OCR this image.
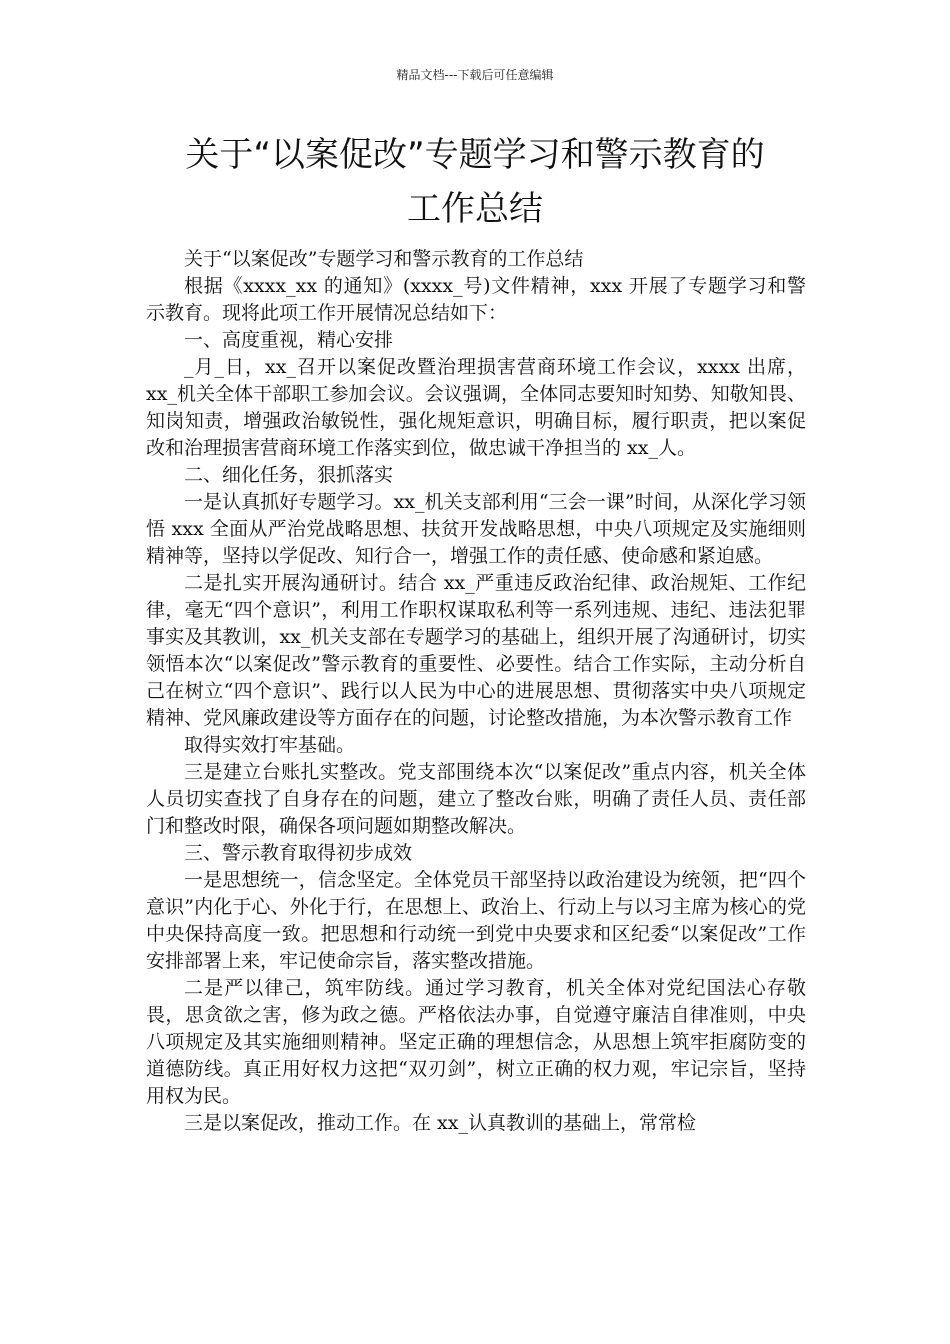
精品文档---下载后可任意编辑
关于“以案促改”专题学习和警示教育的
工作总结

关于“以案促改”专题学习和警示教育的工作总结

根据《xxxx_xx 的通知》(xxxx_号)文件精神，xxx 开展了专题学习和警示教育。现将此项工作开展情况总结如下：

一、高度重视，精心安排

_月_日，xx_召开以案促改暨治理损害营商环境工作会议，xxxx 出席，xx_机关全体干部职工参加会议。会议强调，全体同志要知时知势、知敬知畏、知岗知责，增强政治敏锐性，强化规矩意识，明确目标，履行职责，把以案促改和治理损害营商环境工作落实到位，做忠诚干净担当的 xx_人。

二、细化任务，狠抓落实

一是认真抓好专题学习。xx_机关支部利用“三会一课”时间，从深化学习领悟 xxx 全面从严治党战略思想、扶贫开发战略思想，中央八项规定及实施细则精神等，坚持以学促改、知行合一，增强工作的责任感、使命感和紧迫感。

二是扎实开展沟通研讨。结合 xx_严重违反政治纪律、政治规矩、工作纪律，毫无“四个意识”，利用工作职权谋取私利等一系列违规、违纪、违法犯罪事实及其教训，xx_机关支部在专题学习的基础上，组织开展了沟通研讨，切实领悟本次“以案促改”警示教育的重要性、必要性。结合工作实际，主动分析自己在树立“四个意识”、践行以人民为中心的进展思想、贯彻落实中央八项规定精神、党风廉政建设等方面存在的问题，讨论整改措施，为本次警示教育工作

取得实效打牢基础。

三是建立台账扎实整改。党支部围绕本次“以案促改”重点内容，机关全体人员切实查找了自身存在的问题，建立了整改台账，明确了责任人员、责任部门和整改时限，确保各项问题如期整改解决。

三、警示教育取得初步成效

一是思想统一，信念坚定。全体党员干部坚持以政治建设为统领，把“四个意识”内化于心、外化于行，在思想上、政治上、行动上与以习主席为核心的党中央保持高度一致。把思想和行动统一到党中央要求和区纪委“以案促改”工作安排部署上来，牢记使命宗旨，落实整改措施。

二是严以律己，筑牢防线。通过学习教育，机关全体对党纪国法心存敬畏，思贪欲之害，修为政之德。严格依法办事，自觉遵守廉洁自律准则，中央八项规定及其实施细则精神。坚定正确的理想信念，从思想上筑牢拒腐防变的道德防线。真正用好权力这把“双刃剑”，树立正确的权力观，牢记宗旨，坚持用权为民。

三是以案促改，推动工作。在 xx_认真教训的基础上，常常检
